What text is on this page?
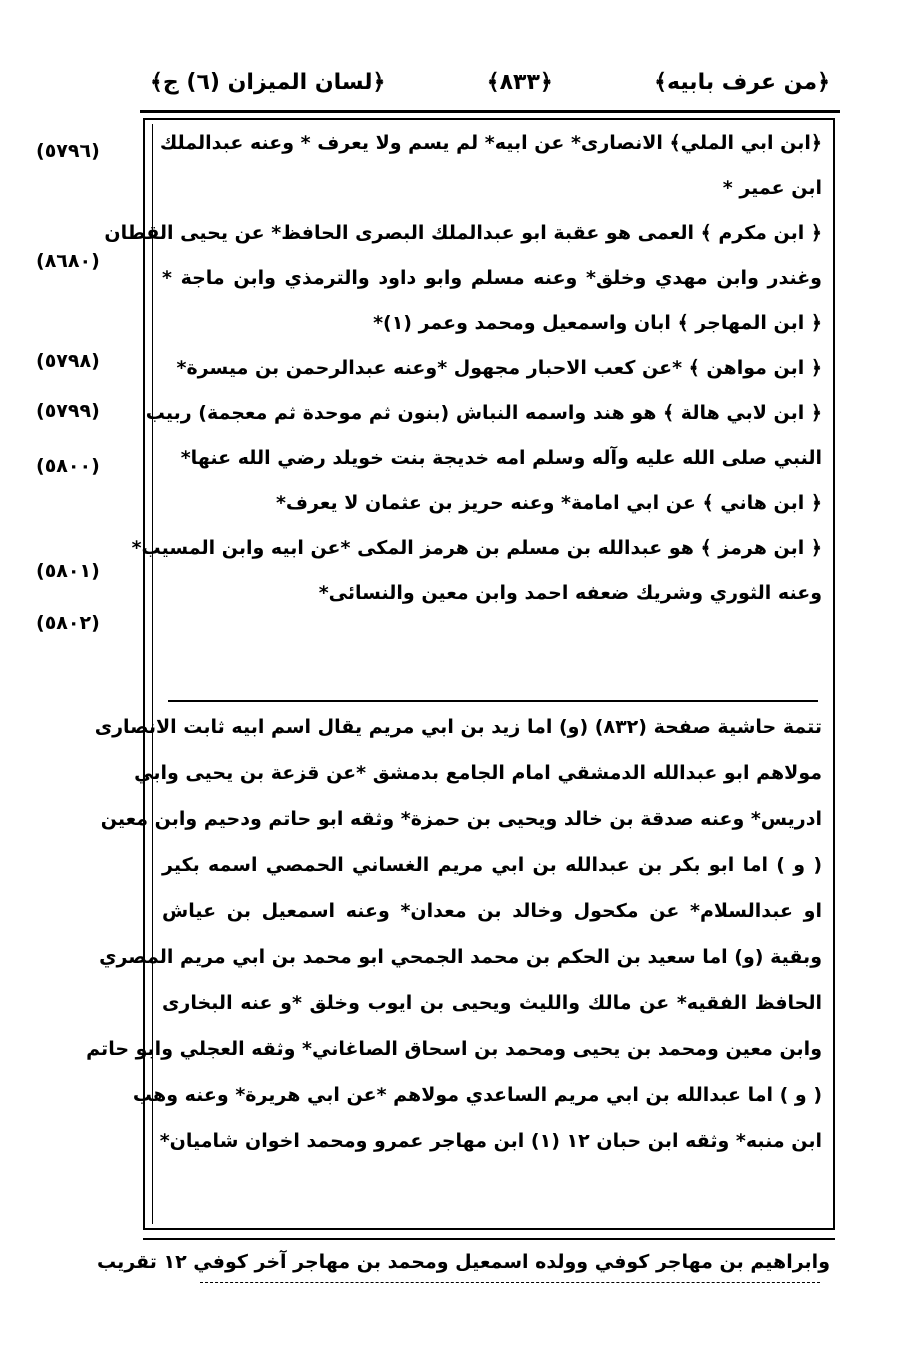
﴿من عرف بابيه﴾
﴿٨٣٣﴾
﴿لسان الميزان (٦) ج﴾
(٥٧٩٦)
(٨٦٨٠)
(٥٧٩٨)
(٥٧٩٩)
(٥٨٠٠)
(٥٨٠١)
(٥٨٠٢)
﴿ابن ابي الملي﴾ الانصارى* عن ابيه* لم يسم ولا يعرف * وعنه عبدالملك
ابن عمير *
﴿ ابن مكرم ﴾ العمى هو عقبة ابو عبدالملك البصرى الحافظ* عن يحيى القطان
وغندر وابن مهدي وخلق* وعنه مسلم وابو داود والترمذي وابن ماجة *
﴿ ابن المهاجر ﴾ ابان واسمعيل ومحمد وعمر (١)*
﴿ ابن مواهن ﴾ *عن كعب الاحبار مجهول *وعنه عبدالرحمن بن ميسرة*
﴿ ابن لابي هالة ﴾ هو هند واسمه النباش (بنون ثم موحدة ثم معجمة) ربيب
النبي صلى الله عليه وآله وسلم امه خديجة بنت خويلد رضي الله عنها*
﴿ ابن هاني ﴾ عن ابي امامة* وعنه حريز بن عثمان لا يعرف*
﴿ ابن هرمز ﴾ هو عبدالله بن مسلم بن هرمز المكى *عن ابيه وابن المسيب*
وعنه الثوري وشريك ضعفه احمد وابن معين والنسائى*
تتمة حاشية صفحة (٨٣٢) (و) اما زيد بن ابي مريم يقال اسم ابيه ثابت الانصارى
مولاهم ابو عبدالله الدمشقي امام الجامع بدمشق *عن قزعة بن يحيى وابي
ادريس* وعنه صدقة بن خالد ويحيى بن حمزة* وثقه ابو حاتم ودحيم وابن معين
( و ) اما ابو بكر بن عبدالله بن ابي مريم الغساني الحمصي اسمه بكير
او عبدالسلام* عن مكحول وخالد بن معدان* وعنه اسمعيل بن عياش
وبقية (و) اما سعيد بن الحكم بن محمد الجمحي ابو محمد بن ابي مريم المصري
الحافظ الفقيه* عن مالك والليث ويحيى بن ايوب وخلق *و عنه البخارى
وابن معين ومحمد بن يحيى ومحمد بن اسحاق الصاغاني* وثقه العجلي وابو حاتم
( و ) اما عبدالله بن ابي مريم الساعدي مولاهم *عن ابي هريرة* وعنه وهب
ابن منبه* وثقه ابن حبان ١٢ (١) ابن مهاجر عمرو ومحمد اخوان شاميان*
وابراهيم بن مهاجر كوفي وولده اسمعيل ومحمد بن مهاجر آخر كوفي ١٢ تقريب
